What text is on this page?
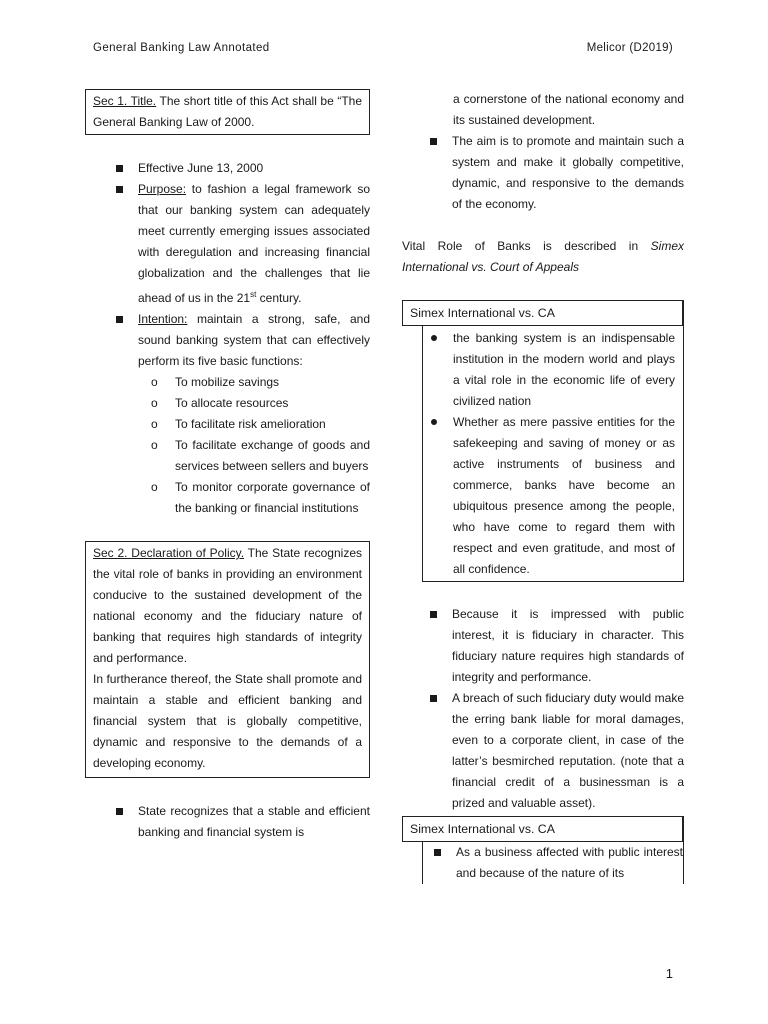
General Banking Law Annotated	Melicor (D2019)
Sec 1. Title. The short title of this Act shall be “The General Banking Law of 2000.
Effective June 13, 2000
Purpose: to fashion a legal framework so that our banking system can adequately meet currently emerging issues associated with deregulation and increasing financial globalization and the challenges that lie ahead of us in the 21st century.
Intention: maintain a strong, safe, and sound banking system that can effectively perform its five basic functions:
o To mobilize savings
o To allocate resources
o To facilitate risk amelioration
o To facilitate exchange of goods and services between sellers and buyers
o To monitor corporate governance of the banking or financial institutions
Sec 2. Declaration of Policy. The State recognizes the vital role of banks in providing an environment conducive to the sustained development of the national economy and the fiduciary nature of banking that requires high standards of integrity and performance.
In furtherance thereof, the State shall promote and maintain a stable and efficient banking and financial system that is globally competitive, dynamic and responsive to the demands of a developing economy.
State recognizes that a stable and efficient banking and financial system is
a cornerstone of the national economy and its sustained development.
The aim is to promote and maintain such a system and make it globally competitive, dynamic, and responsive to the demands of the economy.
Vital Role of Banks is described in Simex International vs. Court of Appeals
Simex International vs. CA
the banking system is an indispensable institution in the modern world and plays a vital role in the economic life of every civilized nation
Whether as mere passive entities for the safekeeping and saving of money or as active instruments of business and commerce, banks have become an ubiquitous presence among the people, who have come to regard them with respect and even gratitude, and most of all confidence.
Because it is impressed with public interest, it is fiduciary in character. This fiduciary nature requires high standards of integrity and performance.
A breach of such fiduciary duty would make the erring bank liable for moral damages, even to a corporate client, in case of the latter’s besmirched reputation. (note that a financial credit of a businessman is a prized and valuable asset).
Simex International vs. CA
As a business affected with public interest and because of the nature of its
1
